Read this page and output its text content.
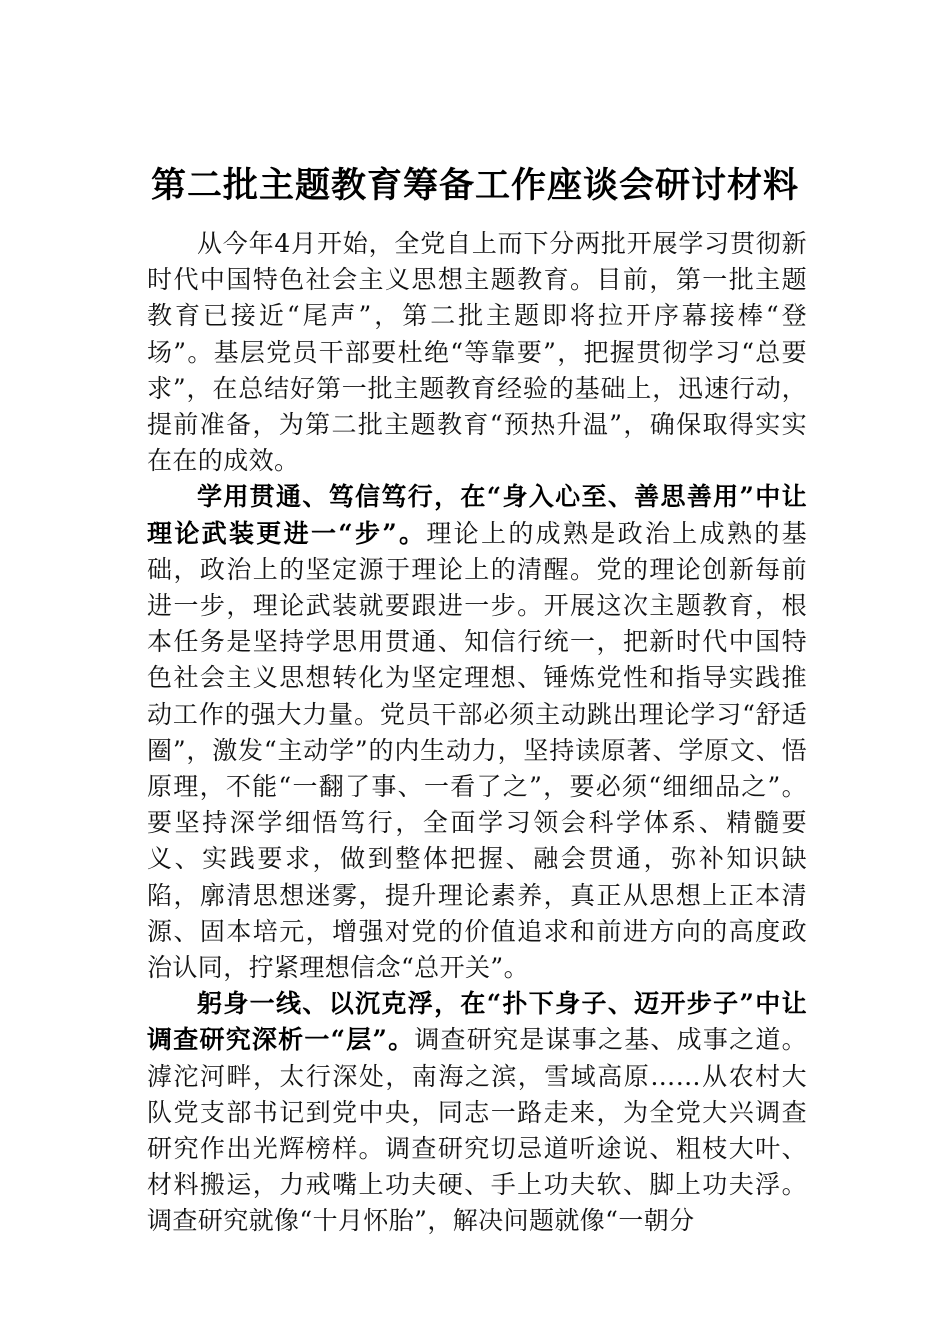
第二批主题教育筹备工作座谈会研讨材料

从今年4月开始，全党自上而下分两批开展学习贯彻新时代中国特色社会主义思想主题教育。目前，第一批主题教育已接近“尾声”，第二批主题即将拉开序幕接棒“登场”。基层党员干部要杜绝“等靠要”，把握贯彻学习“总要求”，在总结好第一批主题教育经验的基础上，迅速行动，提前准备，为第二批主题教育“预热升温”，确保取得实实在在的成效。

学用贯通、笃信笃行，在“身入心至、善思善用”中让理论武装更进一“步”。理论上的成熟是政治上成熟的基础，政治上的坚定源于理论上的清醒。党的理论创新每前进一步，理论武装就要跟进一步。开展这次主题教育，根本任务是坚持学思用贯通、知信行统一，把新时代中国特色社会主义思想转化为坚定理想、锤炼党性和指导实践推动工作的强大力量。党员干部必须主动跳出理论学习“舒适圈”，激发“主动学”的内生动力，坚持读原著、学原文、悟原理，不能“一翻了事、一看了之”，要必须“细细品之”。要坚持深学细悟笃行，全面学习领会科学体系、精髓要义、实践要求，做到整体把握、融会贯通，弥补知识缺陷，廓清思想迷雾，提升理论素养，真正从思想上正本清源、固本培元，增强对党的价值追求和前进方向的高度政治认同，拧紧理想信念“总开关”。

躬身一线、以沉克浮，在“扑下身子、迈开步子”中让调查研究深析一“层”。调查研究是谋事之基、成事之道。滹沱河畔，太行深处，南海之滨，雪域高原……从农村大队党支部书记到党中央，同志一路走来，为全党大兴调查研究作出光辉榜样。调查研究切忌道听途说、粗枝大叶、材料搬运，力戒嘴上功夫硬、手上功夫软、脚上功夫浮。调查研究就像“十月怀胎”，解决问题就像“一朝分
